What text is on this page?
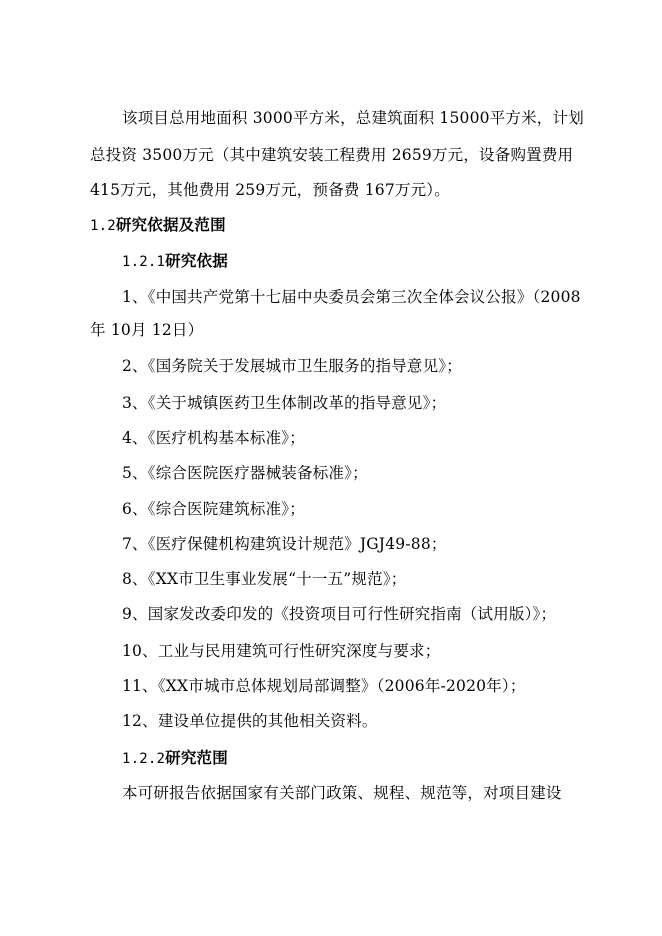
该项目总用地面积 3000平方米，总建筑面积 15000平方米，计划
总投资 3500万元（其中建筑安装工程费用 2659万元，设备购置费用
415万元，其他费用 259万元，预备费 167万元）。
1.2研究依据及范围
1.2.1研究依据
1、《中国共产党第十七届中央委员会第三次全体会议公报》（2008
年 10月 12日）
2、《国务院关于发展城市卫生服务的指导意见》；
3、《关于城镇医药卫生体制改革的指导意见》；
4、《医疗机构基本标准》；
5、《综合医院医疗器械装备标准》；
6、《综合医院建筑标准》；
7、《医疗保健机构建筑设计规范》JGJ49-88；
8、《XX市卫生事业发展“十一五”规范》；
9、国家发改委印发的《投资项目可行性研究指南（试用版）》；
10、工业与民用建筑可行性研究深度与要求；
11、《XX市城市总体规划局部调整》（2006年-2020年）；
12、建设单位提供的其他相关资料。
1.2.2研究范围
本可研报告依据国家有关部门政策、规程、规范等，对项目建设
